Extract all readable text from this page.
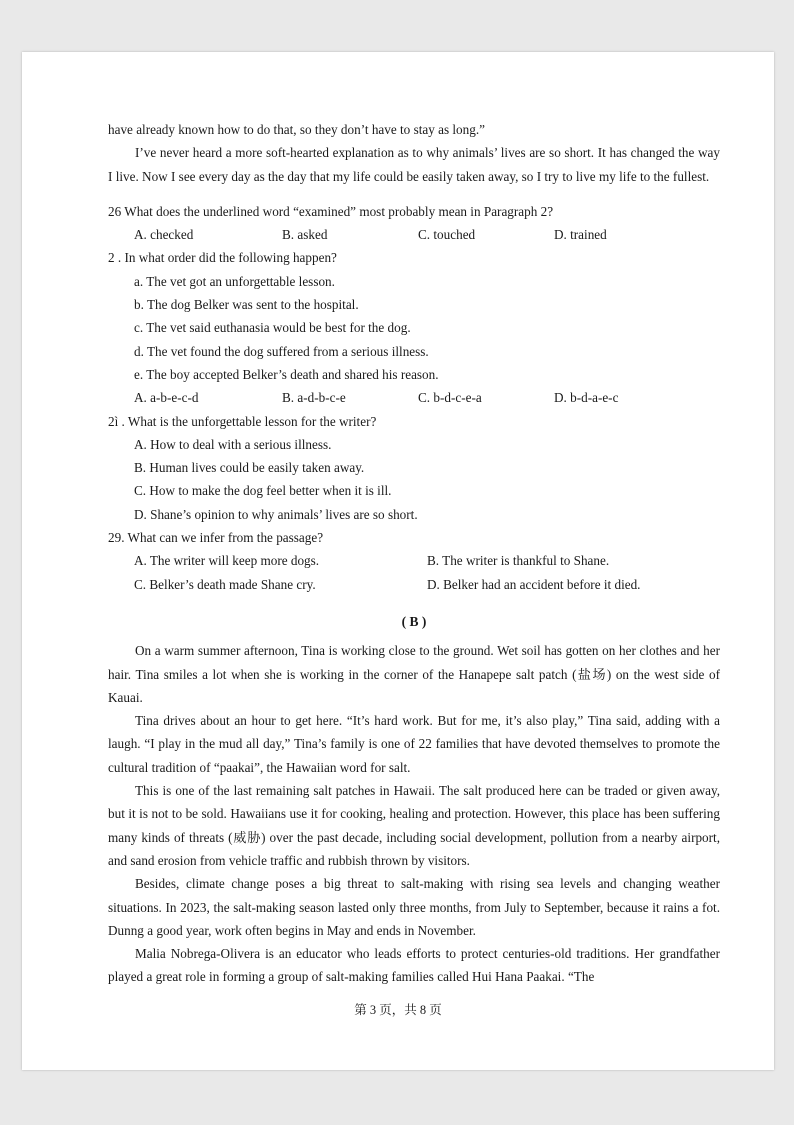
have already known how to do that, so they don’t have to stay as long.”

I’ve never heard a more soft-hearted explanation as to why animals’ lives are so short. It has changed the way I live. Now I see every day as the day that my life could be easily taken away, so I try to live my life to the fullest.

26 What does the underlined word “examined” most probably mean in Paragraph 2?

A. checked	B. asked	C. touched	D. trained

2 . In what order did the following happen?

a. The vet got an unforgettable lesson.

b. The dog Belker was sent to the hospital.

c. The vet said euthanasia would be best for the dog.

d. The vet found the dog suffered from a serious illness.

e. The boy accepted Belker’s death and shared his reason.

A. a-b-e-c-d	B. a-d-b-c-e	C. b-d-c-e-a	D. b-d-a-e-c

2ì . What is the unforgettable lesson for the writer?

A. How to deal with a serious illness.

B. Human lives could be easily taken away.

C. How to make the dog feel better when it is ill.

D. Shane’s opinion to why animals’ lives are so short.

29. What can we infer from the passage?

A. The writer will keep more dogs.	B. The writer is thankful to Shane.
C. Belker’s death made Shane cry.	D. Belker had an accident before it died.
( B )

On a warm summer afternoon, Tina is working close to the ground. Wet soil has gotten on her clothes and her hair. Tina smiles a lot when she is working in the corner of the Hanapepe salt patch (盐场) on the west side of Kauai.

Tina drives about an hour to get here. “It’s hard work. But for me, it’s also play,” Tina said, adding with a laugh. “I play in the mud all day,” Tina’s family is one of 22 families that have devoted themselves to promote the cultural tradition of “paakai”, the Hawaiian word for salt.

This is one of the last remaining salt patches in Hawaii. The salt produced here can be traded or given away, but it is not to be sold. Hawaiians use it for cooking, healing and protection. However, this place has been suffering many kinds of threats (威胁) over the past decade, including social development, pollution from a nearby airport, and sand erosion from vehicle traffic and rubbish thrown by visitors.

Besides, climate change poses a big threat to salt-making with rising sea levels and changing weather situations. In 2023, the salt-making season lasted only three months, from July to September, because it rains a fot. Dunng a good year, work often begins in May and ends in November.

Malia Nobrega-Olivera is an educator who leads efforts to protect centuries-old traditions. Her grandfather played a great role in forming a group of salt-making families called Hui Hana Paakai. “The

第 3 页，共 8 页
